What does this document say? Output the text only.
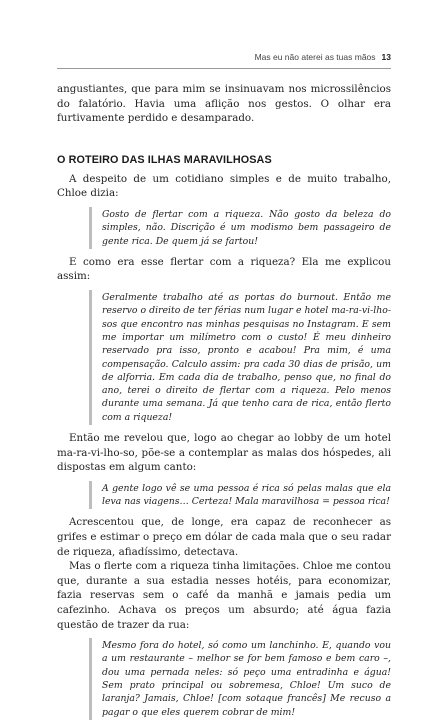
Mas eu não aterei as tuas mãos 13

angustiantes, que para mim se insinuavam nos microssilêncios do falatório. Havia uma aflição nos gestos. O olhar era furtivamente perdido e desamparado.

O ROTEIRO DAS ILHAS MARAVILHOSAS

A despeito de um cotidiano simples e de muito trabalho, Chloe dizia:

Gosto de flertar com a riqueza. Não gosto da beleza do simples, não. Discrição é um modismo bem passageiro de gente rica. De quem já se fartou!

E como era esse flertar com a riqueza? Ela me explicou assim:

Geralmente trabalho até as portas do burnout. Então me reservo o direito de ter férias num lugar e hotel ma-ra-vi-lho-sos que encontro nas minhas pesquisas no Instagram. E sem me importar um milímetro com o custo! É meu dinheiro reservado pra isso, pronto e acabou! Pra mim, é uma compensação. Calculo assim: pra cada 30 dias de prisão, um de alforria. Em cada dia de trabalho, penso que, no final do ano, terei o direito de flertar com a riqueza. Pelo menos durante uma semana. Já que tenho cara de rica, então flerto com a riqueza!

Então me revelou que, logo ao chegar ao lobby de um hotel ma-ra-vi-lho-so, põe-se a contemplar as malas dos hóspedes, ali dispostas em algum canto:

A gente logo vê se uma pessoa é rica só pelas malas que ela leva nas viagens… Certeza! Mala maravilhosa = pessoa rica!

Acrescentou que, de longe, era capaz de reconhecer as grifes e estimar o preço em dólar de cada mala que o seu radar de riqueza, afiadíssimo, detectava.

Mas o flerte com a riqueza tinha limitações. Chloe me contou que, durante a sua estadia nesses hotéis, para economizar, fazia reservas sem o café da manhã e jamais pedia um cafezinho. Achava os preços um absurdo; até água fazia questão de trazer da rua:

Mesmo fora do hotel, só como um lanchinho. E, quando vou a um restaurante – melhor se for bem famoso e bem caro –, dou uma pernada neles: só peço uma entradinha e água! Sem prato principal ou sobremesa, Chloe! Um suco de laranja? Jamais, Chloe! [com sotaque francês] Me recuso a pagar o que eles querem cobrar de mim!
